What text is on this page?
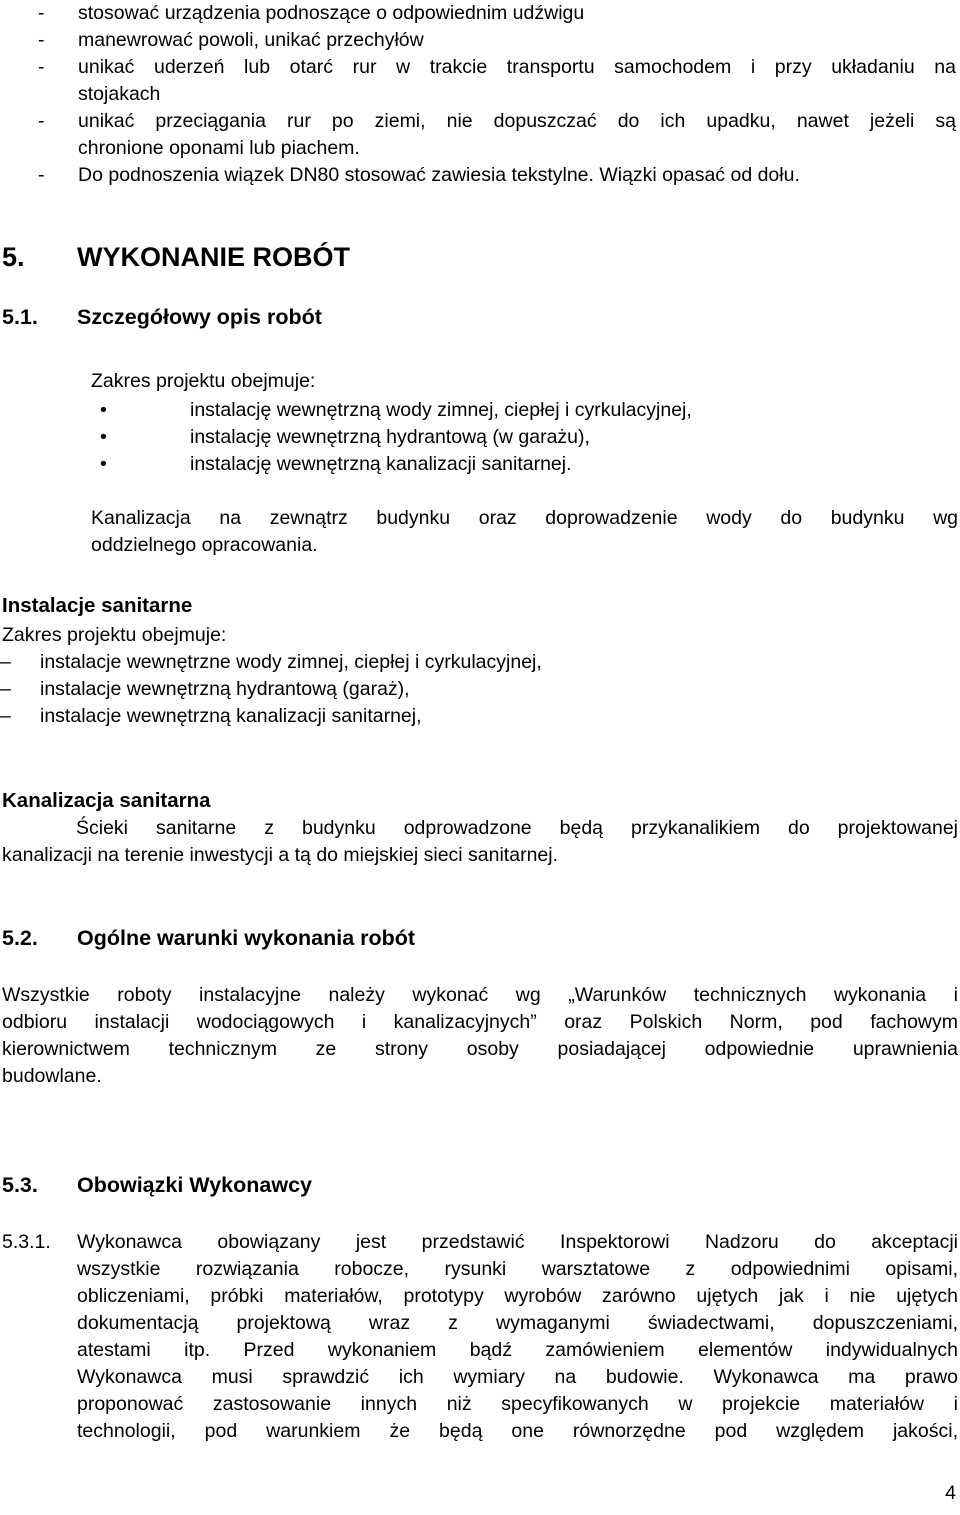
- stosować urządzenia podnoszące o odpowiednim udźwigu
- manewrować powoli, unikać przechyłów
- unikać uderzeń lub otarć rur w trakcie transportu samochodem i przy układaniu na
stojakach
- unikać przeciągania rur po ziemi, nie dopuszczać do ich upadku, nawet jeżeli są
chronione oponami lub piachem.
- Do podnoszenia wiązek DN80 stosować zawiesia tekstylne. Wiązki opasać od dołu.
5. WYKONANIE ROBÓT
5.1. Szczegółowy opis robót
Zakres projektu obejmuje:
•	instalację wewnętrzną wody zimnej, ciepłej i cyrkulacyjnej,
•	instalację wewnętrzną hydrantową (w garażu),
•	instalację wewnętrzną kanalizacji sanitarnej.
Kanalizacja na zewnątrz budynku oraz doprowadzenie wody do budynku wg
oddzielnego opracowania.
Instalacje sanitarne
Zakres projektu obejmuje:
– instalacje wewnętrzne wody zimnej, ciepłej i cyrkulacyjnej,
– instalacje wewnętrzną hydrantową (garaż),
– instalacje wewnętrzną kanalizacji sanitarnej,
Kanalizacja sanitarna
Ścieki sanitarne z budynku odprowadzone będą przykanalikiem do projektowanej
kanalizacji na terenie inwestycji a tą do miejskiej sieci sanitarnej.
5.2. Ogólne warunki wykonania robót
Wszystkie roboty instalacyjne należy wykonać wg „Warunków technicznych wykonania i
odbioru instalacji wodociągowych i kanalizacyjnych” oraz Polskich Norm, pod fachowym
kierownictwem technicznym ze strony osoby posiadającej odpowiednie uprawnienia
budowlane.
5.3. Obowiązki Wykonawcy
5.3.1. Wykonawca obowiązany jest przedstawić Inspektorowi Nadzoru do akceptacji
wszystkie rozwiązania robocze, rysunki warsztatowe z odpowiednimi opisami,
obliczeniami, próbki materiałów, prototypy wyrobów zarówno ujętych jak i nie ujętych
dokumentacją projektową wraz z wymaganymi świadectwami, dopuszczeniami,
atestami itp. Przed wykonaniem bądź zamówieniem elementów indywidualnych
Wykonawca musi sprawdzić ich wymiary na budowie. Wykonawca ma prawo
proponować zastosowanie innych niż specyfikowanych w projekcie materiałów i
technologii, pod warunkiem że będą one równorzędne pod względem jakości,
4
